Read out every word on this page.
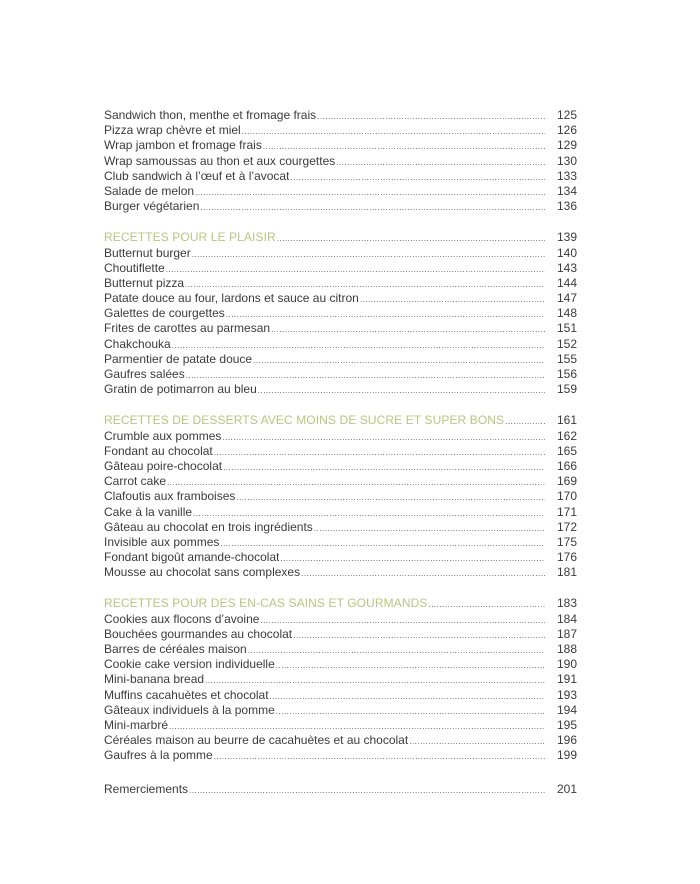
Sandwich thon, menthe et fromage frais .....	125
Pizza wrap chèvre et miel .....	126
Wrap jambon et fromage frais .....	129
Wrap samoussas au thon et aux courgettes .....	130
Club sandwich à l’œuf et à l’avocat .....	133
Salade de melon .....	134
Burger végétarien .....	136
RECETTES POUR LE PLAISIR .....	139
Butternut burger .....	140
Choutiflette .....	143
Butternut pizza .....	144
Patate douce au four, lardons et sauce au citron .....	147
Galettes de courgettes .....	148
Frites de carottes au parmesan .....	151
Chakchouka .....	152
Parmentier de patate douce .....	155
Gaufres salées .....	156
Gratin de potimarron au bleu .....	159
RECETTES DE DESSERTS AVEC MOINS DE SUCRE ET SUPER BONS .....	161
Crumble aux pommes .....	162
Fondant au chocolat .....	165
Gâteau poire-chocolat .....	166
Carrot cake .....	169
Clafoutis aux framboises .....	170
Cake à la vanille .....	171
Gâteau au chocolat en trois ingrédients .....	172
Invisible aux pommes .....	175
Fondant bigoût amande-chocolat .....	176
Mousse au chocolat sans complexes .....	181
RECETTES POUR DES EN-CAS SAINS ET GOURMANDS .....	183
Cookies aux flocons d’avoine .....	184
Bouchées gourmandes au chocolat .....	187
Barres de céréales maison .....	188
Cookie cake version individuelle .....	190
Mini-banana bread .....	191
Muffins cacahuètes et chocolat .....	193
Gâteaux individuels à la pomme .....	194
Mini-marbré .....	195
Céréales maison au beurre de cacahuètes et au chocolat .....	196
Gaufres à la pomme .....	199
Remerciements .....	201
